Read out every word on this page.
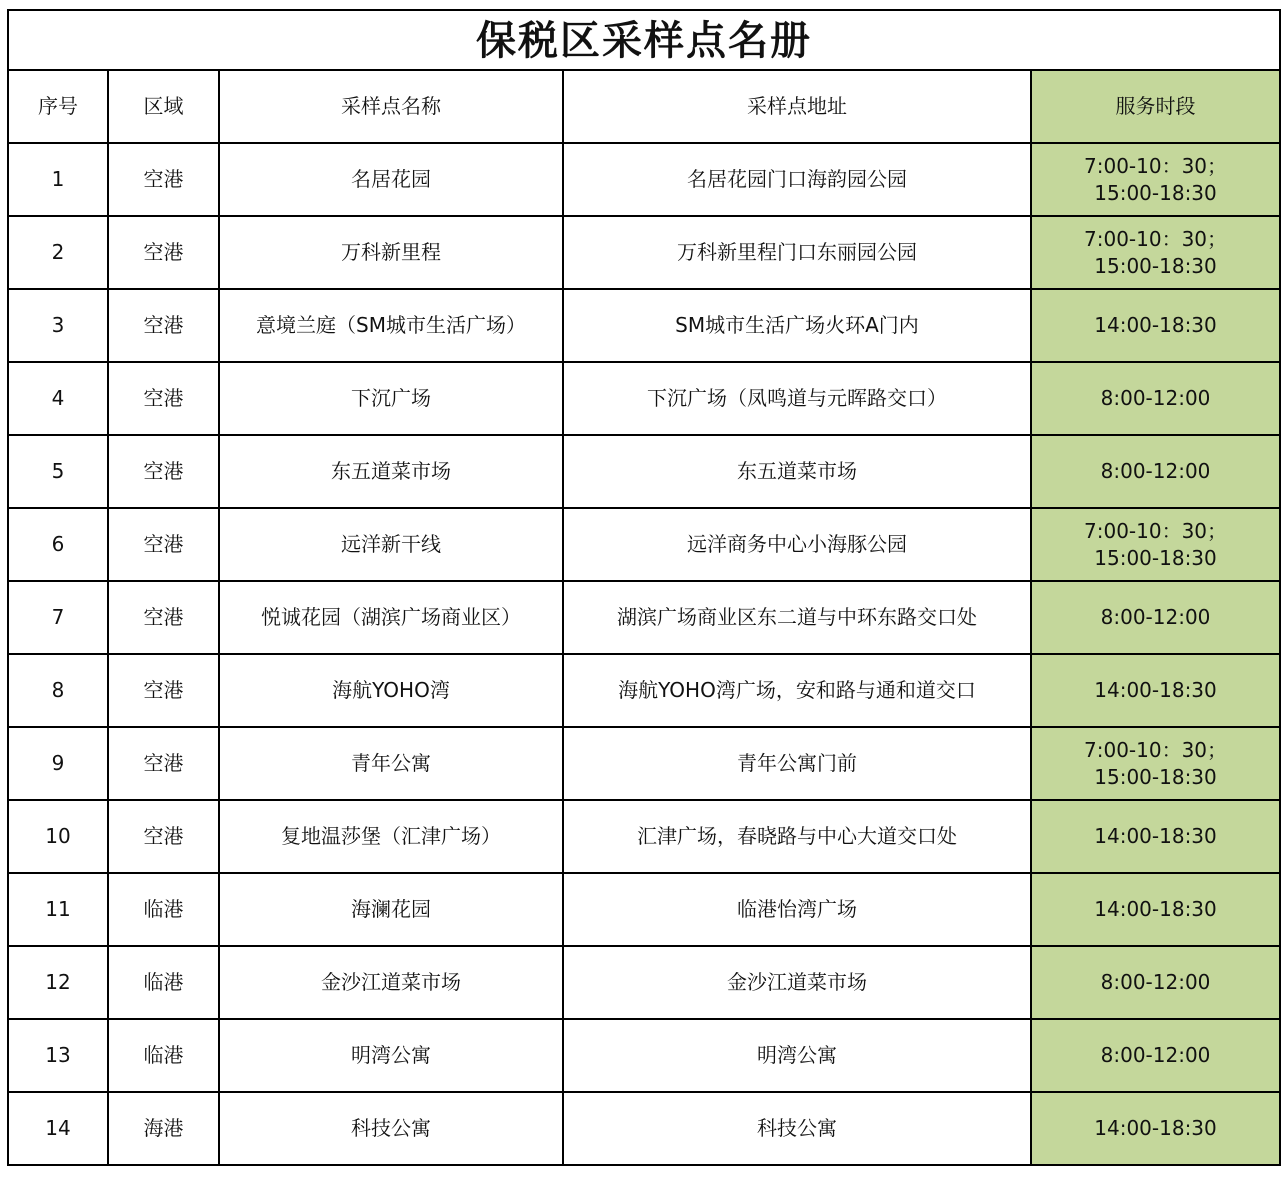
保税区采样点名册				
序号	区域	采样点名称	采样点地址	服务时段
1	空港	名居花园	名居花园门口海韵园公园	7:00-10：30；
15:00-18:30
2	空港	万科新里程	万科新里程门口东丽园公园	7:00-10：30；
15:00-18:30
3	空港	意境兰庭（SM城市生活广场）	SM城市生活广场火环A门内	14:00-18:30
4	空港	下沉广场	下沉广场（凤鸣道与元晖路交口）	8:00-12:00
5	空港	东五道菜市场	东五道菜市场	8:00-12:00
6	空港	远洋新干线	远洋商务中心小海豚公园	7:00-10：30；
15:00-18:30
7	空港	悦诚花园（湖滨广场商业区）	湖滨广场商业区东二道与中环东路交口处	8:00-12:00
8	空港	海航YOHO湾	海航YOHO湾广场，安和路与通和道交口	14:00-18:30
9	空港	青年公寓	青年公寓门前	7:00-10：30；
15:00-18:30
10	空港	复地温莎堡（汇津广场）	汇津广场，春晓路与中心大道交口处	14:00-18:30
11	临港	海澜花园	临港怡湾广场	14:00-18:30
12	临港	金沙江道菜市场	金沙江道菜市场	8:00-12:00
13	临港	明湾公寓	明湾公寓	8:00-12:00
14	海港	科技公寓	科技公寓	14:00-18:30
